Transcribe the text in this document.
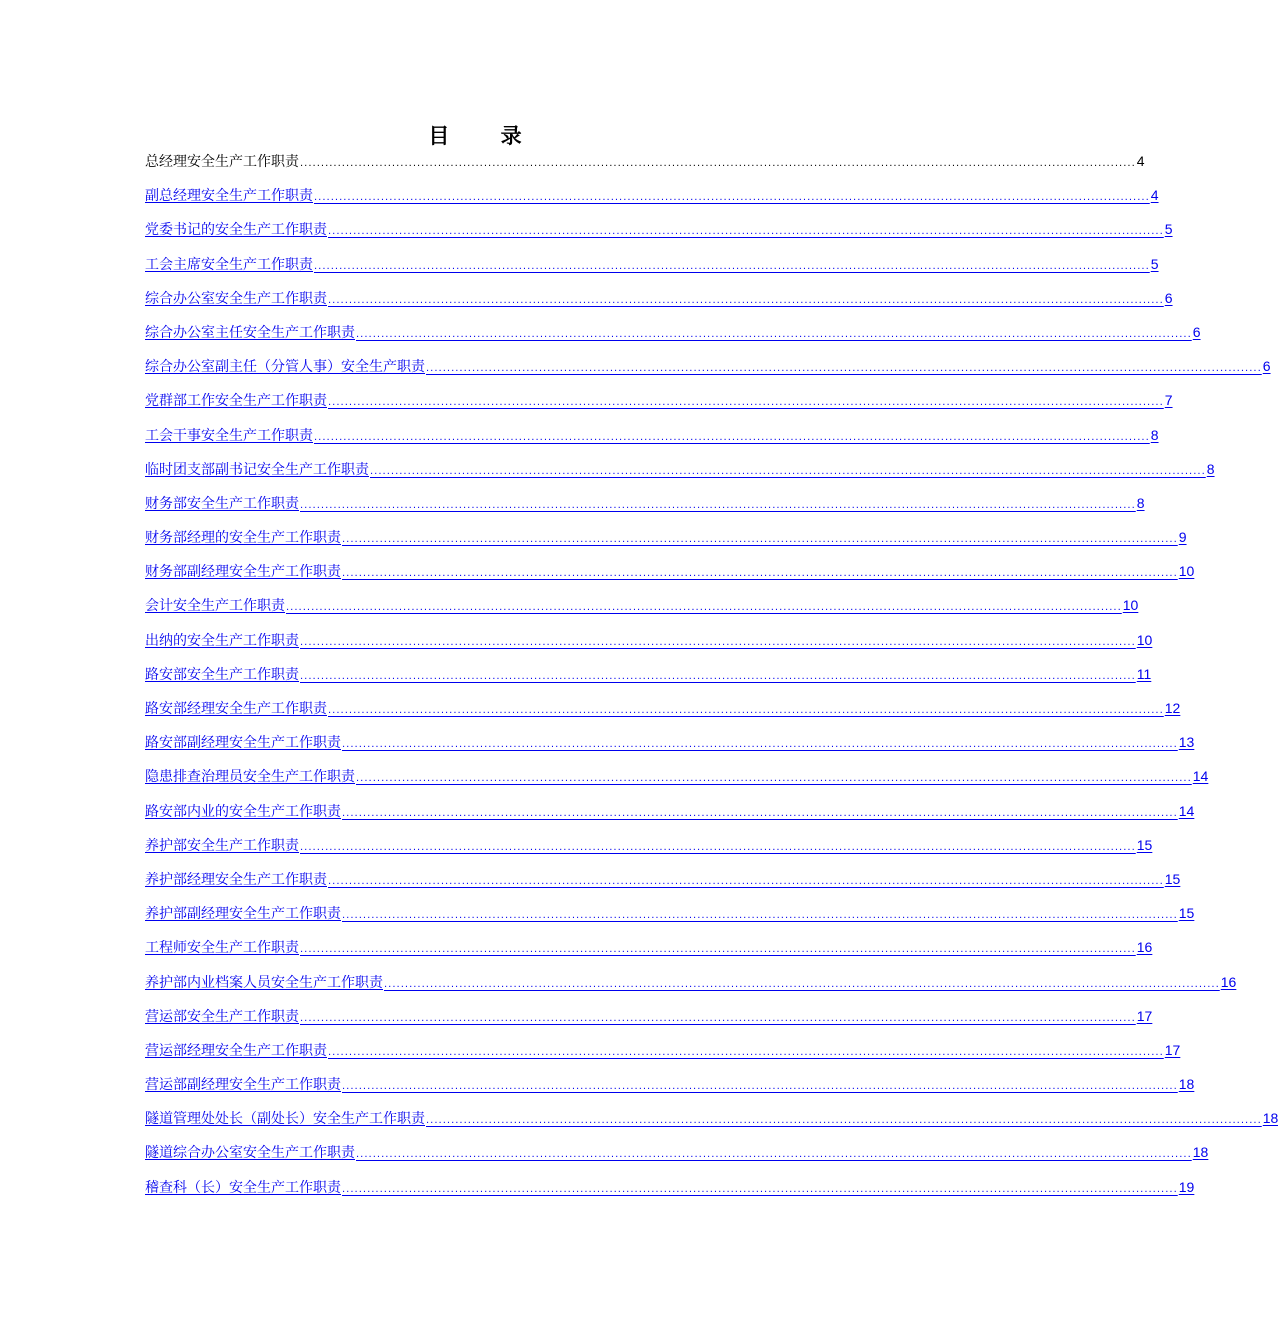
目 录
总经理安全生产工作职责 ........................................................................................................................................................................................................ 4
副总经理安全生产工作职责 ........................................................................................................................................................................................................ 4
党委书记的安全生产工作职责 ........................................................................................................................................................................................................ 5
工会主席安全生产工作职责 ........................................................................................................................................................................................................ 5
综合办公室安全生产工作职责 ........................................................................................................................................................................................................ 6
综合办公室主任安全生产工作职责 ........................................................................................................................................................................................................ 6
综合办公室副主任（分管人事）安全生产职责 ........................................................................................................................................................................................................ 6
党群部工作安全生产工作职责 ........................................................................................................................................................................................................ 7
工会干事安全生产工作职责 ........................................................................................................................................................................................................ 8
临时团支部副书记安全生产工作职责 ........................................................................................................................................................................................................ 8
财务部安全生产工作职责 ........................................................................................................................................................................................................ 8
财务部经理的安全生产工作职责 ........................................................................................................................................................................................................ 9
财务部副经理安全生产工作职责 ........................................................................................................................................................................................................ 10
会计安全生产工作职责 ........................................................................................................................................................................................................ 10
出纳的安全生产工作职责 ........................................................................................................................................................................................................ 10
路安部安全生产工作职责 ........................................................................................................................................................................................................ 11
路安部经理安全生产工作职责 ........................................................................................................................................................................................................ 12
路安部副经理安全生产工作职责 ........................................................................................................................................................................................................ 13
隐患排查治理员安全生产工作职责 ........................................................................................................................................................................................................ 14
路安部内业的安全生产工作职责 ........................................................................................................................................................................................................ 14
养护部安全生产工作职责 ........................................................................................................................................................................................................ 15
养护部经理安全生产工作职责 ........................................................................................................................................................................................................ 15
养护部副经理安全生产工作职责 ........................................................................................................................................................................................................ 15
工程师安全生产工作职责 ........................................................................................................................................................................................................ 16
养护部内业档案人员安全生产工作职责 ........................................................................................................................................................................................................ 16
营运部安全生产工作职责 ........................................................................................................................................................................................................ 17
营运部经理安全生产工作职责 ........................................................................................................................................................................................................ 17
营运部副经理安全生产工作职责 ........................................................................................................................................................................................................ 18
隧道管理处处长（副处长）安全生产工作职责 ........................................................................................................................................................................................................ 18
隧道综合办公室安全生产工作职责 ........................................................................................................................................................................................................ 18
稽查科（长）安全生产工作职责 ........................................................................................................................................................................................................ 19
